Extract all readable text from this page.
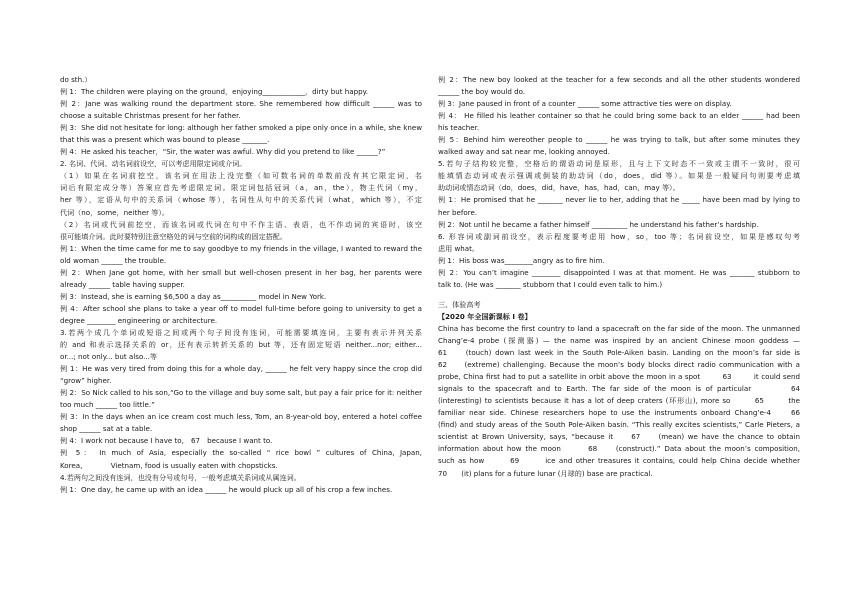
do sth.）
例 1：The children were playing on the ground，enjoying____________，dirty but happy.
例 2：Jane was walking round the department store. She remembered how difficult ______ was to
choose a suitable Christmas present for her father.
例 3：She did not hesitate for long: although her father smoked a pipe only once in a while, she knew
that this was a present which was bound to please _______.
例 4：He asked his teacher，“Sir, the water was awful. Why did you pretend to like ______?”
2. 名词、代词、动名词前设空，可以考虑用限定词或介词。
（1）如果在名词前挖空，该名词在用法上没完整（如可数名词的单数前没有其它限定词，名
词后有限定成分等）答案应首先考虑限定词。限定词包括冠词（a，an，the），物主代词（my，
her 等），定语从句中的关系词（whose 等），名词性从句中的关系代词（what，which 等），不定
代词（no，some，neither 等）。
（2）名词或代词前挖空，而该名词或代词在句中不作主语、表语，也不作动词的宾语时，该空
很可能填介词。此时要特别注意空格处的词与空前的词构成的固定搭配。
例 1：When the time came for me to say goodbye to my friends in the village, I wanted to reward the
old woman ______ the trouble.
例 2：When Jane got home, with her small but well-chosen present in her bag, her parents were
already ______ table having supper.
例 3：Instead, she is earning $6,500 a day as__________ model in New York.
例 4：After school she plans to take a year off to model full-time before going to university to get a
degree ________ engineering or architecture.
3.若两个成几个单词或短语之间或两个句子间没有连词，可能需要填连词，主要有表示并列关系
的 and 和表示选择关系的 or，还有表示转折关系的 but 等，还有固定短语 neither...nor; either...
or...; not only... but also...等
例 1：He was very tired from doing this for a whole day, ______ he felt very happy since the crop did
“grow” higher.
例 2：So Nick called to his son,“Go to the village and buy some salt, but pay a fair price for it: neither
too much ______ too little.”
例 3：In the days when an ice cream cost much less, Tom, an 8-year-old boy, entered a hotel coffee
shop ______ sat at a table.
例 4：I work not because I have to,　67　because I want to.
例 5： In much of Asia, especially the so-called “ rice bowl ” cultures of China, Japan,
Korea,　　　　Vietnam, food is usually eaten with chopsticks.
4.若两句之间没有连词，也没有分号或句号，一般考虑填关系词或从属连词。
例 1：One day, he came up with an idea ______ he would pluck up all of his crop a few inches.
例 2：The new boy looked at the teacher for a few seconds and all the other students wondered
______ the boy would do.
例 3：Jane paused in front of a counter ______ some attractive ties were on display.
例 4： He filled his leather container so that he could bring some back to an elder ______ had been
his teacher.
例 5：Behind him wereother people to ______ he was trying to talk, but after some minutes they
walked away and sat near me, looking annoyed.
5.若句子结构较完整，空格后的谓语动词是原形，且与上下文时态不一致或主谓不一致时，很可
能填情态动词或表示强调或倒装的助动词（do，does，did 等）。如果是一般疑问句则要考虑填
助动词或情态动词（do，does，did，have，has，had，can，may 等）。
例 1：He promised that he _______ never lie to her, adding that he _____ have been mad by lying to
her before.
例 2：Not until he became a father himself __________ he understand his father’s hardship.
6. 形容词或副词前设空，表示程度要考虑用 how，so，too 等；名词前设空，如果是感叹句考
虑用 what。
例 1：His boss was________angry as to fire him.
例 2：You can’t imagine ________ disappointed I was at that moment. He was _______ stubborn to
talk to. (He was _______ stubborn that I could even talk to him.)
三、体验高考
【2020 年全国新课标 I 卷】
China has become the first country to land a spacecraft on the far side of the moon. The unmanned
Chang’e-4 probe (探测器) — the name was inspired by an ancient Chinese moon goddess —
61　　(touch) down last week in the South Pole-Aiken basin. Landing on the moon’s far side is
62　　(extreme) challenging. Because the moon’s body blocks direct radio communication with a
probe, China first had to put a satellite in orbit above the moon in a spot　　　63　　　it could send
signals to the spacecraft and to Earth. The far side of the moon is of particular　　　　64
(interesting) to scientists because it has a lot of deep craters (环形山), more so　　　65　　　the
familiar near side. Chinese researchers hope to use the instruments onboard Chang’e-4　　66
(find) and study areas of the South Pole-Aiken basin. “This really excites scientists,” Carle Pieters, a
scientist at Brown University, says, “because it　　67　　(mean) we have the chance to obtain
information about how the moon　　　68　　(construct).” Data about the moon’s composition,
such as how　　　69　　　ice and other treasures it contains, could help China decide whether
70　　(it) plans for a future lunar (月球的) base are practical.
